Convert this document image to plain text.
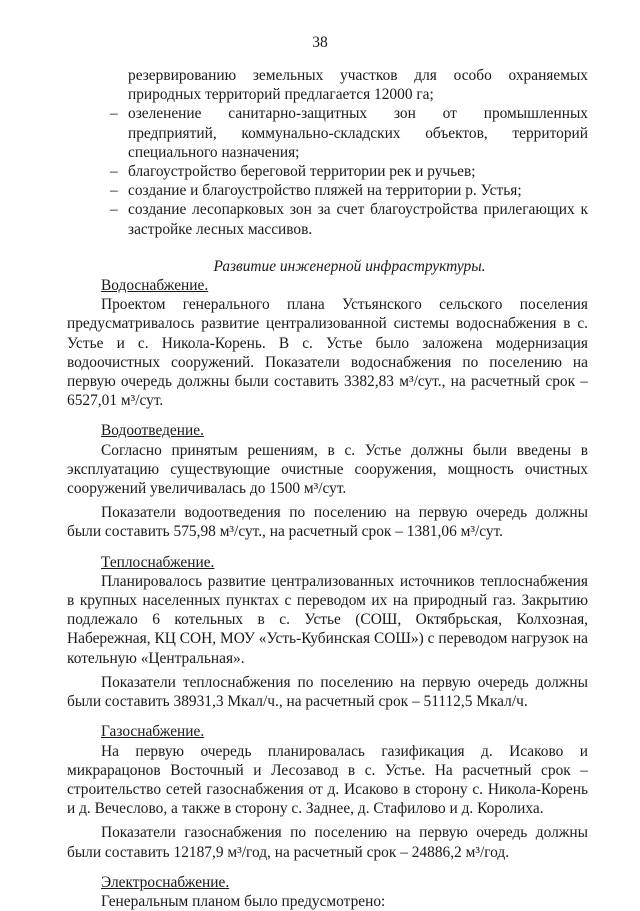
38

резервированию земельных участков для особо охраняемых природных территорий предлагается 12000 га;

– озеленение санитарно-защитных зон от промышленных предприятий, коммунально-складских объектов, территорий специального назначения;
– благоустройство береговой территории рек и ручьев;
– создание и благоустройство пляжей на территории р. Устья;
– создание лесопарковых зон за счет благоустройства прилегающих к застройке лесных массивов.

Развитие инженерной инфраструктуры.

Водоснабжение.

Проектом генерального плана Устьянского сельского поселения предусматривалось развитие централизованной системы водоснабжения в с. Устье и с. Никола-Корень. В с. Устье было заложена модернизация водоочистных сооружений. Показатели водоснабжения по поселению на первую очередь должны были составить 3382,83 м³/сут., на расчетный срок – 6527,01 м³/сут.

Водоотведение.

Согласно принятым решениям, в с. Устье должны были введены в эксплуатацию существующие очистные сооружения, мощность очистных сооружений увеличивалась до 1500 м³/сут.

Показатели водоотведения по поселению на первую очередь должны были составить 575,98 м³/сут., на расчетный срок – 1381,06 м³/сут.

Теплоснабжение.

Планировалось развитие централизованных источников теплоснабжения в крупных населенных пунктах с переводом их на природный газ. Закрытию подлежало 6 котельных в с. Устье (СОШ, Октябрьская, Колхозная, Набережная, КЦ СОН, МОУ «Усть-Кубинская СОШ») с переводом нагрузок на котельную «Центральная».

Показатели теплоснабжения по поселению на первую очередь должны были составить 38931,3 Мкал/ч., на расчетный срок – 51112,5 Мкал/ч.

Газоснабжение.

На первую очередь планировалась газификация д. Исаково и микрарацонов Восточный и Лесозавод в с. Устье. На расчетный срок – строительство сетей газоснабжения от д. Исаково в сторону с. Никола-Корень и д. Вечеслово, а также в сторону с. Заднее, д. Стафилово и д. Королиха.

Показатели газоснабжения по поселению на первую очередь должны были составить 12187,9 м³/год, на расчетный срок – 24886,2 м³/год.

Электроснабжение.

Генеральным планом было предусмотрено:
